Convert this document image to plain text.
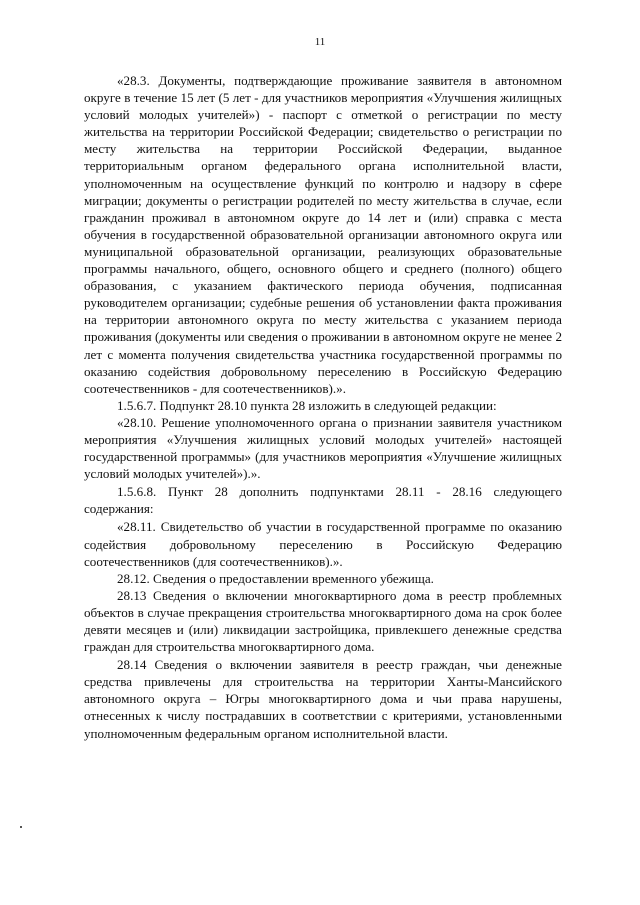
11

«28.3. Документы, подтверждающие проживание заявителя в автономном округе в течение 15 лет (5 лет - для участников мероприятия «Улучшения жилищных условий молодых учителей») - паспорт с отметкой о регистрации по месту жительства на территории Российской Федерации; свидетельство о регистрации по месту жительства на территории Российской Федерации, выданное территориальным органом федерального органа исполнительной власти, уполномоченным на осуществление функций по контролю и надзору в сфере миграции; документы о регистрации родителей по месту жительства в случае, если гражданин проживал в автономном округе до 14 лет и (или) справка с места обучения в государственной образовательной организации автономного округа или муниципальной образовательной организации, реализующих образовательные программы начального, общего, основного общего и среднего (полного) общего образования, с указанием фактического периода обучения, подписанная руководителем организации; судебные решения об установлении факта проживания на территории автономного округа по месту жительства с указанием периода проживания (документы или сведения о проживании в автономном округе не менее 2 лет с момента получения свидетельства участника государственной программы по оказанию содействия добровольному переселению в Российскую Федерацию соотечественников - для соотечественников).».

1.5.6.7. Подпункт 28.10 пункта 28 изложить в следующей редакции:

«28.10. Решение уполномоченного органа о признании заявителя участником мероприятия «Улучшения жилищных условий молодых учителей» настоящей государственной программы» (для участников мероприятия «Улучшение жилищных условий молодых учителей»).».

1.5.6.8. Пункт 28 дополнить подпунктами 28.11 - 28.16 следующего содержания:

«28.11. Свидетельство об участии в государственной программе по оказанию содействия добровольному переселению в Российскую Федерацию соотечественников (для соотечественников).».

28.12. Сведения о предоставлении временного убежища.

28.13 Сведения о включении многоквартирного дома в реестр проблемных объектов в случае прекращения строительства многоквартирного дома на срок более девяти месяцев и (или) ликвидации застройщика, привлекшего денежные средства граждан для строительства многоквартирного дома.

28.14 Сведения о включении заявителя в реестр граждан, чьи денежные средства привлечены для строительства на территории Ханты-Мансийского автономного округа – Югры многоквартирного дома и чьи права нарушены, отнесенных к числу пострадавших в соответствии с критериями, установленными уполномоченным федеральным органом исполнительной власти.
